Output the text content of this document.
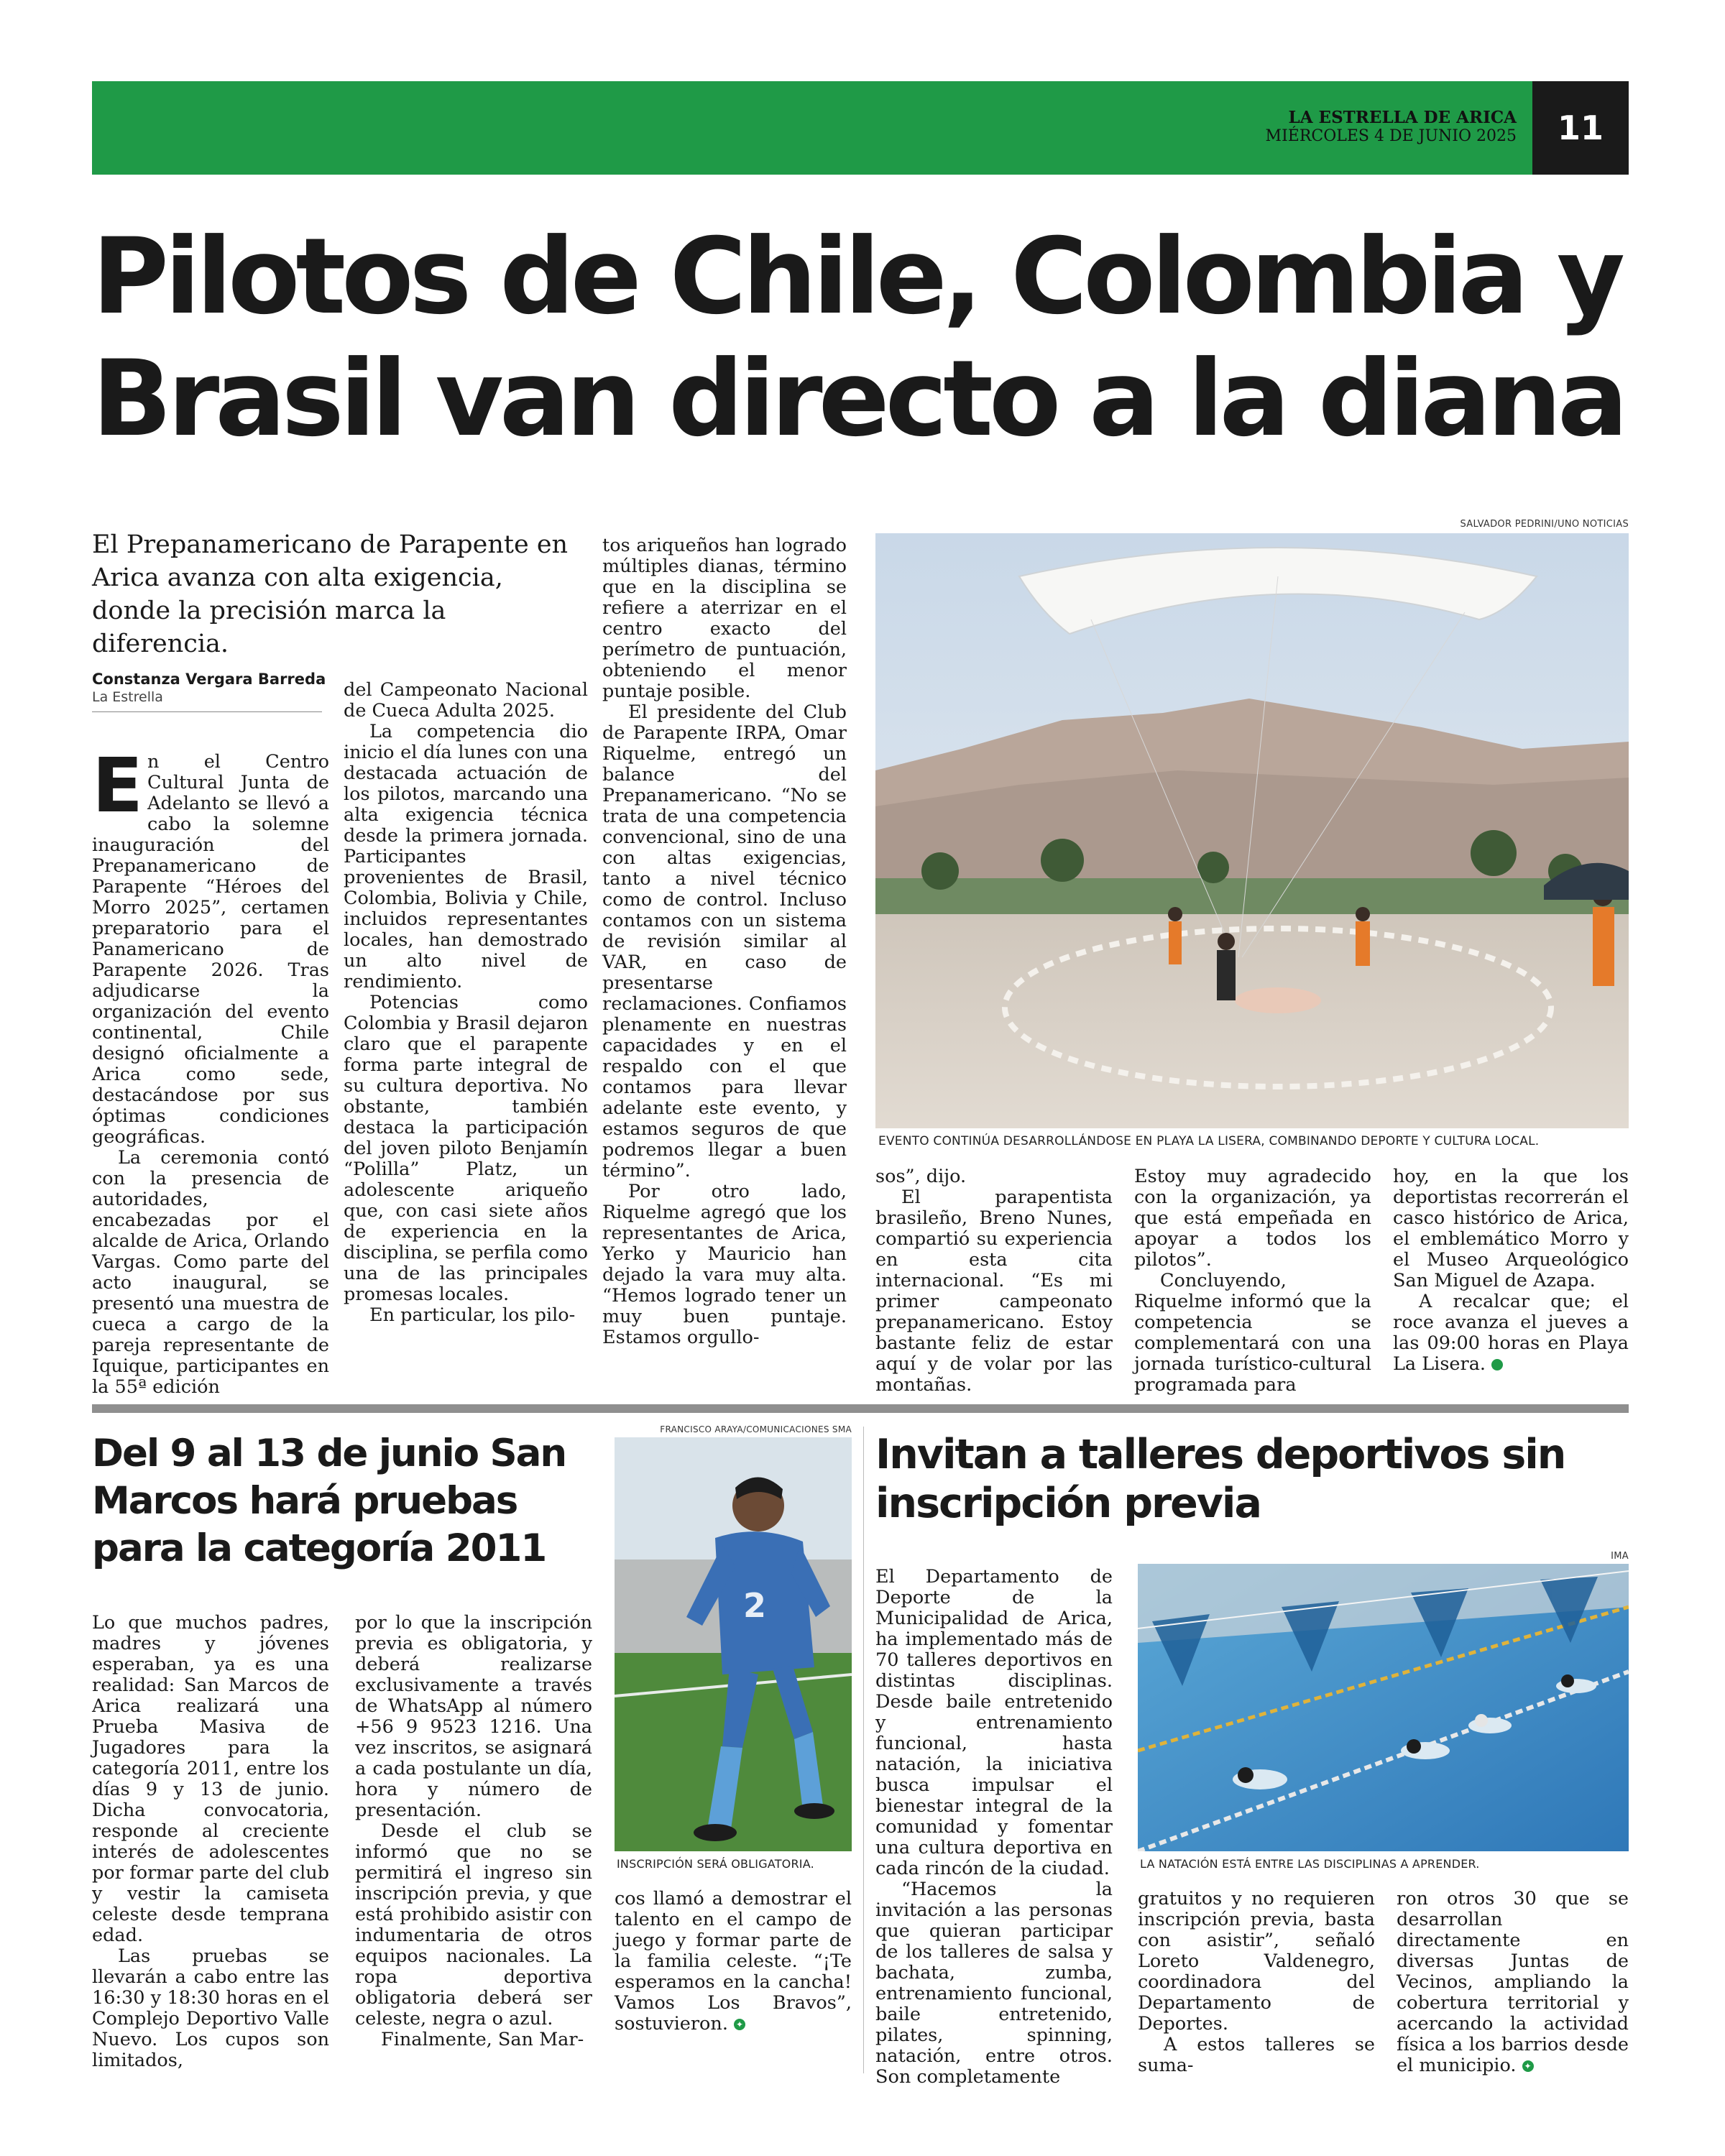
11
LA ESTRELLA DE ARICA
MIÉRCOLES 4 DE JUNIO 2025
Pilotos de Chile, Colombia y
Brasil van directo a la diana
El Prepanamericano de Parapente en Arica avanza con alta exigencia, donde la precisión marca la diferencia.
Constanza Vergara Barreda
La Estrella
E n el Centro Cultural Junta de Adelanto se llevó a cabo la solemne inauguración del Prepanamericano de Parapente “Héroes del Morro 2025”, certamen preparatorio para el Panamericano de Parapente 2026. Tras adjudicarse la organización del evento continental, Chile designó oficialmente a Arica como sede, destacándose por sus óptimas condiciones geográficas.

La ceremonia contó con la presencia de autoridades, encabezadas por el alcalde de Arica, Orlando Vargas. Como parte del acto inaugural, se presentó una muestra de cueca a cargo de la pareja representante de Iquique, participantes en la 55ª edición

del Campeonato Nacional de Cueca Adulta 2025.

La competencia dio inicio el día lunes con una destacada actuación de los pilotos, marcando una alta exigencia técnica desde la primera jornada. Participantes provenientes de Brasil, Colombia, Bolivia y Chile, incluidos representantes locales, han demostrado un alto nivel de rendimiento.

Potencias como Colombia y Brasil dejaron claro que el parapente forma parte integral de su cultura deportiva. No obstante, también destaca la participación del joven piloto Benjamín “Polilla” Platz, un adolescente ariqueño que, con casi siete años de experiencia en la disciplina, se perfila como una de las principales promesas locales.

En particular, los pilo-

tos ariqueños han logrado múltiples dianas, término que en la disciplina se refiere a aterrizar en el centro exacto del perímetro de puntuación, obteniendo el menor puntaje posible.

El presidente del Club de Parapente IRPA, Omar Riquelme, entregó un balance del Prepanamericano. “No se trata de una competencia convencional, sino de una con altas exigencias, tanto a nivel técnico como de control. Incluso contamos con un sistema de revisión similar al VAR, en caso de presentarse reclamaciones. Confiamos plenamente en nuestras capacidades y en el respaldo con el que contamos para llevar adelante este evento, y estamos seguros de que podremos llegar a buen término”.

Por otro lado, Riquelme agregó que los representantes de Arica, Yerko y Mauricio han dejado la vara muy alta. “Hemos logrado tener un muy buen puntaje. Estamos orgullo-

SALVADOR PEDRINI/UNO NOTICIAS
EVENTO CONTINÚA DESARROLLÁNDOSE EN PLAYA LA LISERA, COMBINANDO DEPORTE Y CULTURA LOCAL.

sos”, dijo.

El parapentista brasileño, Breno Nunes, compartió su experiencia en esta cita internacional. “Es mi primer campeonato prepanamericano. Estoy bastante feliz de estar aquí y de volar por las montañas.

Estoy muy agradecido con la organización, ya que está empeñada en apoyar a todos los pilotos”.

Concluyendo, Riquelme informó que la competencia se complementará con una jornada turístico-cultural programada para

hoy, en la que los deportistas recorrerán el casco histórico de Arica, el emblemático Morro y el Museo Arqueológico San Miguel de Azapa.

A recalcar que; el roce avanza el jueves a las 09:00 horas en Playa La Lisera.	✦

Del 9 al 13 de junio San
Marcos hará pruebas
para la categoría 2011

Lo que muchos padres, madres y jóvenes esperaban, ya es una realidad: San Marcos de Arica realizará una Prueba Masiva de Jugadores para la categoría 2011, entre los días 9 y 13 de junio. Dicha convocatoria, responde al creciente interés de adolescentes por formar parte del club y vestir la camiseta celeste desde temprana edad.

Las pruebas se llevarán a cabo entre las 16:30 y 18:30 horas en el Complejo Deportivo Valle Nuevo. Los cupos son limitados,

por lo que la inscripción previa es obligatoria, y deberá realizarse exclusivamente a través de WhatsApp al número +56 9 9523 1216. Una vez inscritos, se asignará a cada postulante un día, hora y número de presentación.

Desde el club se informó que no se permitirá el ingreso sin inscripción previa, y que está prohibido asistir con indumentaria de otros equipos nacionales. La ropa deportiva obligatoria deberá ser celeste, negra o azul.

Finalmente, San Mar-

FRANCISCO ARAYA/COMUNICACIONES SMA
2
INSCRIPCIÓN SERÁ OBLIGATORIA.

cos llamó a demostrar el talento en el campo de juego y formar parte de la familia celeste. “¡Te esperamos en la cancha! Vamos Los Bravos”, sostuvieron. ✦

Invitan a talleres deportivos sin
inscripción previa

El Departamento de Deporte de la Municipalidad de Arica, ha implementado más de 70 talleres deportivos en distintas disciplinas. Desde baile entretenido y entrenamiento funcional, hasta natación, la iniciativa busca impulsar el bienestar integral de la comunidad y fomentar una cultura deportiva en cada rincón de la ciudad.

“Hacemos la invitación a las personas que quieran participar de los talleres de salsa y bachata, zumba, entrenamiento funcional, baile entretenido, pilates, spinning, natación, entre otros. Son completamente

IMA
LA NATACIÓN ESTÁ ENTRE LAS DISCIPLINAS A APRENDER.

gratuitos y no requieren inscripción previa, basta con asistir”, señaló Loreto Valdenegro, coordinadora del Departamento de Deportes.

A estos talleres se suma-

ron otros 30 que se desarrollan directamente en diversas Juntas de Vecinos, ampliando la cobertura territorial y acercando la actividad física a los barrios desde el municipio. ✦
